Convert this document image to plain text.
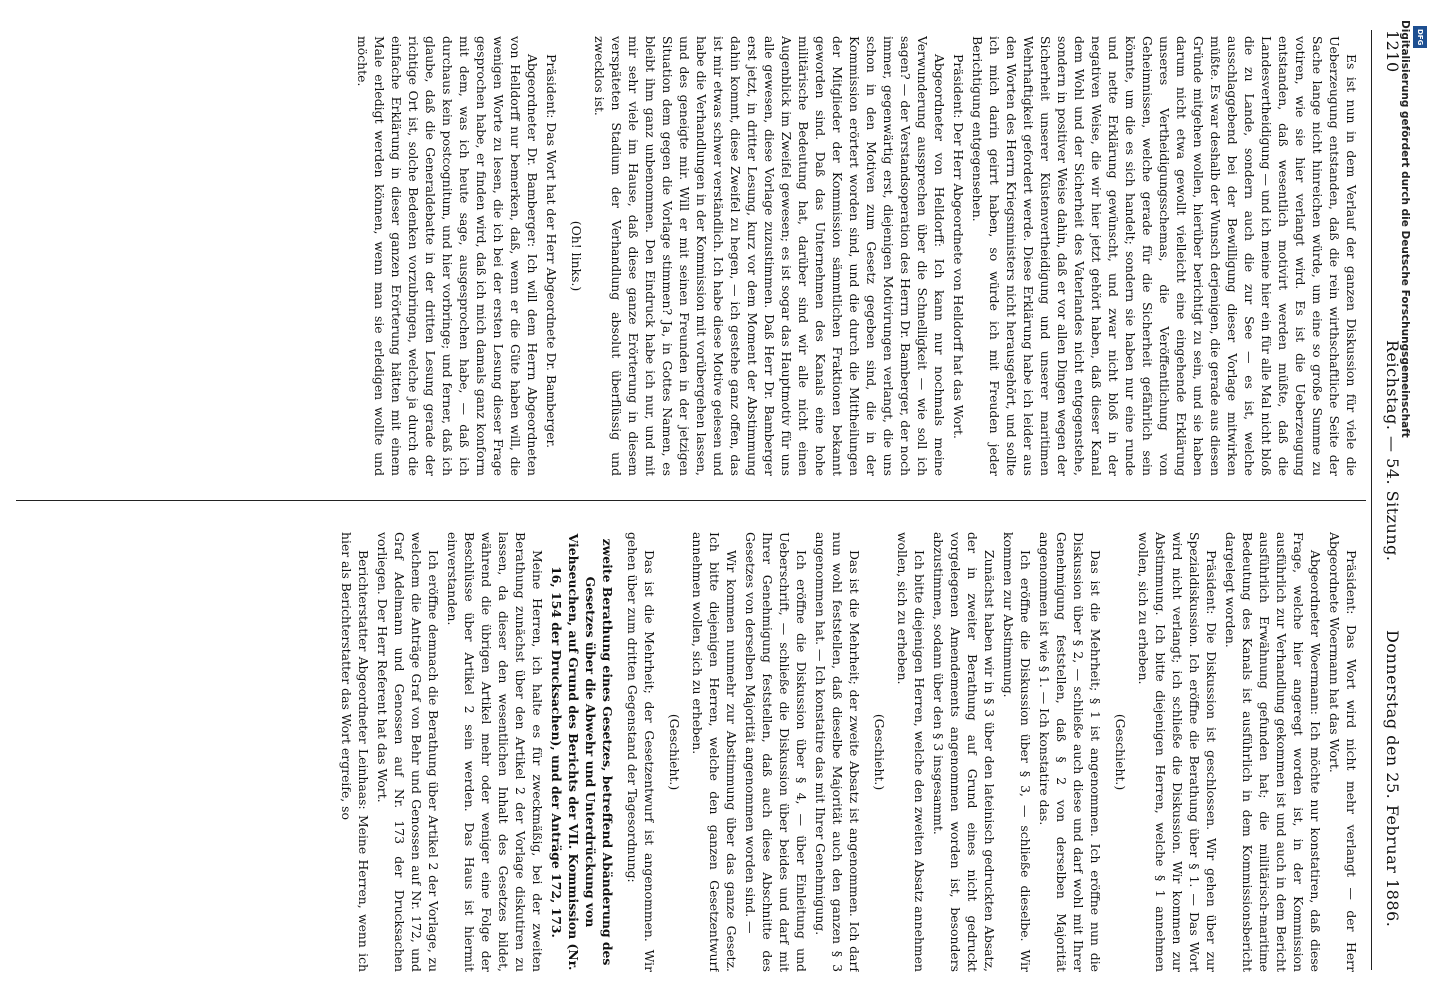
1210
Reichstag. — 54. Sitzung.
Donnerstag den 25. Februar 1886.

Es ist nun in dem Verlauf der ganzen Diskussion für viele die Ueberzeugung entstanden, daß die rein wirthschaftliche Seite der Sache lange nicht hinreichen würde, um eine so große Summe zu votiren, wie sie hier verlangt wird. Es ist die Ueberzeugung entstanden, daß wesentlich motivirt werden müßte, daß die Landesvertheidigung — und ich meine hier ein für alle Mal nicht bloß die zu Lande, sondern auch die zur See — es ist, welche ausschlaggebend bei der Bewilligung dieser Vorlage mitwirken müßte. Es war deshalb der Wunsch derjenigen, die gerade aus diesen Gründe mitgehen wollen, hierüber berichtigt zu sein, und sie haben darum nicht etwa gewollt vielleicht eine eingehende Erklärung unseres Vertheidigungsschemas, die Veröffentlichung von Geheimnissen, welche gerade für die Sicherheit gefährlich sein könnte, um die es sich handelt; sondern sie haben nur eine runde und nette Erklärung gewünscht, und zwar nicht bloß in der negativen Weise, die wir hier jetzt gehört haben, daß dieser Kanal dem Wohl und der Sicherheit des Vaterlandes nicht entgegenstehe, sondern in positiver Weise dahin, daß er vor allen Dingen wegen der Sicherheit unserer Küstenvertheidigung und unserer maritimen Wehrhaftigkeit gefordert werde. Diese Erklärung habe ich leider aus den Worten des Herrn Kriegsministers nicht herausgehört, und sollte ich mich darin geirrt haben, so würde ich mit Freuden jeder Berichtigung entgegensehen.

Präsident: Der Herr Abgeordnete von Helldorff hat das Wort.

Abgeordneter von Helldorff: Ich kann nur nochmals meine Verwunderung aussprechen über die Schnelligkeit — wie soll ich sagen? — der Verstandsoperation des Herrn Dr. Bamberger, der noch immer, gegenwärtig erst, diejenigen Motivirungen verlangt, die uns schon in den Motiven zum Gesetz gegeben sind, die in der Kommission erörtert worden sind, und die durch die Mittheilungen der Mitglieder der Kommission sämmtlichen Fraktionen bekannt geworden sind. Daß das Unternehmen des Kanals eine hohe militärische Bedeutung hat, darüber sind wir alle nicht einen Augenblick im Zweifel gewesen; es ist sogar das Hauptmotiv für uns alle gewesen, diese Vorlage zuzustimmen. Daß Herr Dr. Bamberger erst jetzt, in dritter Lesung, kurz vor dem Moment der Abstimmung dahin kommt, diese Zweifel zu hegen, — ich gestehe ganz offen, das ist mir etwas schwer verständlich. Ich habe diese Motive gelesen und habe die Verhandlungen in der Kommission mit vorübergehen lassen, und des geneigte mir. Will er mit seinen Freunden in der jetzigen Situation dem gegen die Vorlage stimmen? Ja, in Gottes Namen, es bleibt ihm ganz unbenommen. Den Eindruck habe ich nur, und mit mir sehr viele im Hause, daß diese ganze Erörterung in diesem verspäteten Stadium der Verhandlung absolut überflüssig und zwecklos ist.

(Oh! links.)

Präsident: Das Wort hat der Herr Abgeordnete Dr. Bamberger.

Abgeordneter Dr. Bamberger: Ich will dem Herrn Abgeordneten von Helldorff nur bemerken, daß, wenn er die Güte haben will, die wenigen Worte zu lesen, die ich bei der ersten Lesung dieser Frage gesprochen habe, er finden wird, daß ich mich damals ganz konform mit dem, was ich heute sage, ausgesprochen habe, — daß ich durchaus kein postcognitum, und hier vorbringe; und ferner, daß ich glaube, daß die Generaldebatte in der dritten Lesung gerade der richtige Ort ist, solche Bedenken vorzubringen, welche ja durch die einfache Erklärung in dieser ganzen Erörterung hätten mit einem Male erledigt werden können, wenn man sie erledigen wollte und möchte.

Präsident: Das Wort wird nicht mehr verlangt — der Herr Abgeordnete Woermann hat das Wort.

Abgeordneter Woermann: Ich möchte nur konstatiren, daß diese Frage, welche hier angeregt worden ist, in der Kommission ausführlich zur Verhandlung gekommen ist und auch in dem Bericht ausführlich Erwähnung gefunden hat; die militärisch-maritime Bedeutung des Kanals ist ausführlich in dem Kommissionsbericht dargelegt worden.

Präsident: Die Diskussion ist geschlossen. Wir gehen über zur Spezialdiskussion. Ich eröffne die Berathung über § 1. — Das Wort wird nicht verlangt; ich schließe die Diskussion. Wir kommen zur Abstimmung. Ich bitte diejenigen Herren, welche § 1 annehmen wollen, sich zu erheben.

(Geschieht.)

Das ist die Mehrheit; § 1 ist angenommen. Ich eröffne nun die Diskussion über § 2, — schließe auch diese und darf wohl mit Ihrer Genehmigung feststellen, daß § 2 von derselben Majorität angenommen ist wie § 1. — Ich konstatire das.

Ich eröffne die Diskussion über § 3, — schließe dieselbe. Wir kommen zur Abstimmung.

Zunächst haben wir in § 3 über den lateinisch gedruckten Absatz, der in zweiter Berathung auf Grund eines nicht gedruckt vorgelegenen Amendements angenommen worden ist, besonders abzustimmen, sodann über den § 3 insgesammt.

Ich bitte diejenigen Herren, welche den zweiten Absatz annehmen wollen, sich zu erheben.

(Geschieht.)

Das ist die Mehrheit; der zweite Absatz ist angenommen. Ich darf nun wohl feststellen, daß dieselbe Majorität auch den ganzen § 3 angenommen hat. — Ich konstatire das mit Ihrer Genehmigung.

Ich eröffne die Diskussion über § 4, — über Einleitung und Ueberschrift, — schließe die Diskussion über beides und darf mit Ihrer Genehmigung feststellen, daß auch diese Abschnitte des Gesetzes von derselben Majorität angenommen worden sind. —

Wir kommen nunmehr zur Abstimmung über das ganze Gesetz. Ich bitte diejenigen Herren, welche den ganzen Gesetzentwurf annehmen wollen, sich zu erheben.

(Geschieht.)

Das ist die Mehrheit; der Gesetzentwurf ist angenommen. Wir gehen über zum dritten Gegenstand der Tagesordnung:

zweite Berathung eines Gesetzes, betreffend Abänderung des Gesetzes über die Abwehr und Unterdrückung von Viehseuchen, auf Grund des Berichts der VII. Kommission (Nr. 16, 154 der Drucksachen), und der Anträge 172, 173.

Meine Herren, ich halte es für zweckmäßig, bei der zweiten Berathung zunächst über den Artikel 2 der Vorlage diskutiren zu lassen, da dieser den wesentlichen Inhalt des Gesetzes bildet, während die übrigen Artikel mehr oder weniger eine Folge der Beschlüsse über Artikel 2 sein werden. Das Haus ist hiermit einverstanden.

Ich eröffne demnach die Berathung über Artikel 2 der Vorlage, zu welchem die Anträge Graf von Behr und Genossen auf Nr. 172, und Graf Adelmann und Genossen auf Nr. 173 der Drucksachen vorliegen. Der Herr Referent hat das Wort.

Berichterstatter Abgeordneter Leinhaas: Meine Herren, wenn ich hier als Berichterstatter das Wort ergreife, so

DFG
Digitalisierung gefördert durch die Deutsche Forschungsgemeinschaft
